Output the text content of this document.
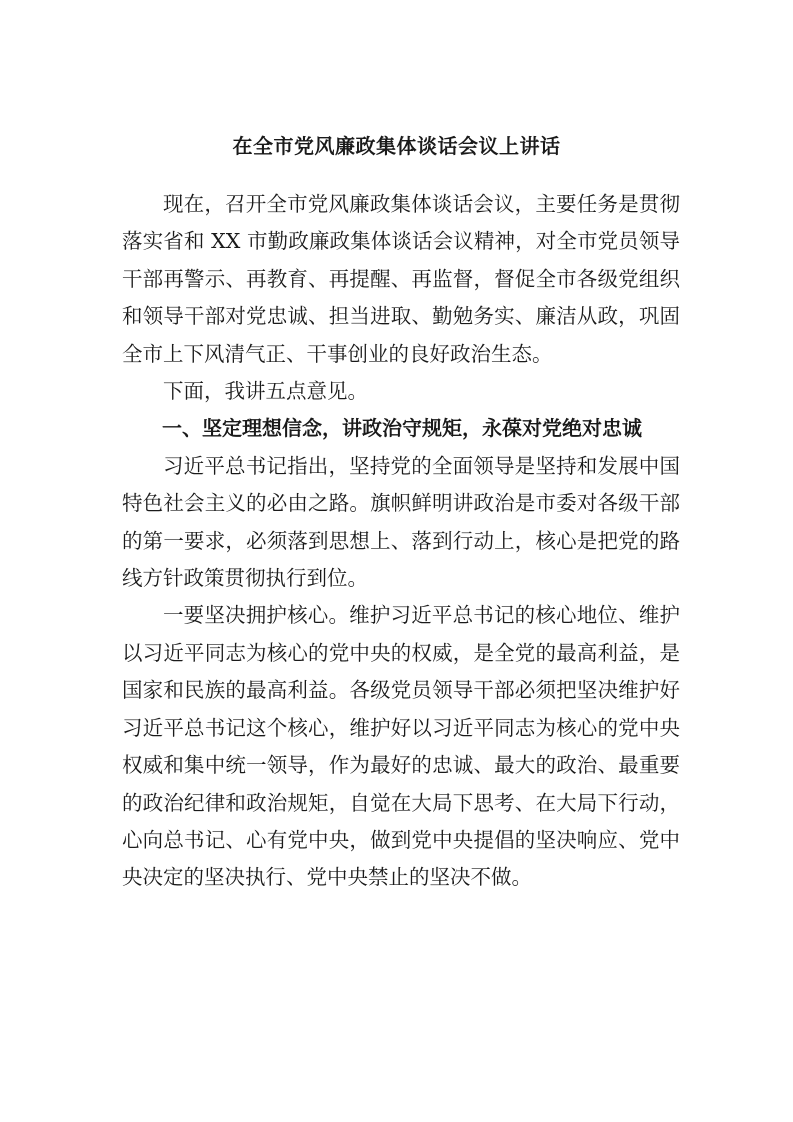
在全市党风廉政集体谈话会议上讲话

现在，召开全市党风廉政集体谈话会议，主要任务是贯彻落实省和 XX 市勤政廉政集体谈话会议精神，对全市党员领导干部再警示、再教育、再提醒、再监督，督促全市各级党组织和领导干部对党忠诚、担当进取、勤勉务实、廉洁从政，巩固全市上下风清气正、干事创业的良好政治生态。

下面，我讲五点意见。

一、坚定理想信念，讲政治守规矩，永葆对党绝对忠诚

习近平总书记指出，坚持党的全面领导是坚持和发展中国特色社会主义的必由之路。旗帜鲜明讲政治是市委对各级干部的第一要求，必须落到思想上、落到行动上，核心是把党的路线方针政策贯彻执行到位。

一要坚决拥护核心。维护习近平总书记的核心地位、维护以习近平同志为核心的党中央的权威，是全党的最高利益，是国家和民族的最高利益。各级党员领导干部必须把坚决维护好习近平总书记这个核心，维护好以习近平同志为核心的党中央权威和集中统一领导，作为最好的忠诚、最大的政治、最重要的政治纪律和政治规矩，自觉在大局下思考、在大局下行动，心向总书记、心有党中央，做到党中央提倡的坚决响应、党中央决定的坚决执行、党中央禁止的坚决不做。
